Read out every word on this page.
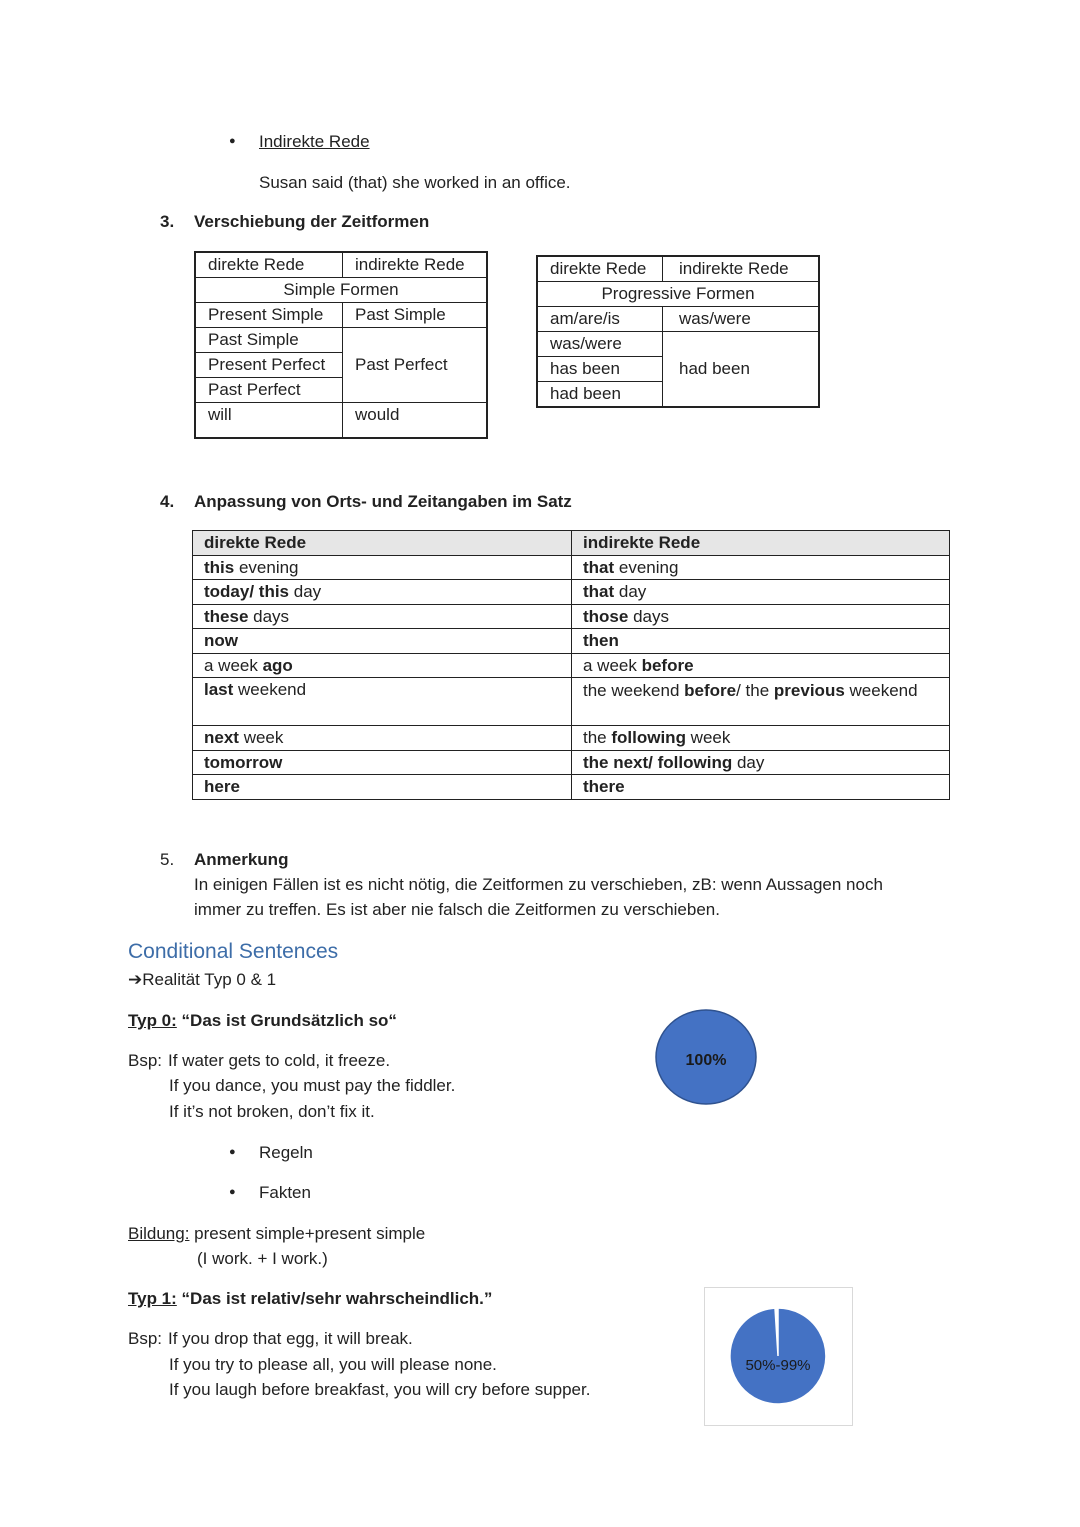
● Indirekte Rede
Susan said (that) she worked in an office.
3. Verschiebung der Zeitformen
direkte Rede	indirekte Rede
Simple Formen	
Present Simple	Past Simple
Past Simple	Past Perfect
Present Perfect	
Past Perfect	
will	would
direkte Rede	indirekte Rede
Progressive Formen	
am/are/is	was/were
was/were	had been
has been	
had been	
4. Anpassung von Orts- und Zeitangaben im Satz
direkte Rede	indirekte Rede
this evening	that evening
today/ this day	that day
these days	those days
now	then
a week ago	a week before
last weekend	the weekend before/ the previous weekend
next week	the following week
tomorrow	the next/ following day
here	there
5. Anmerkung
In einigen Fällen ist es nicht nötig, die Zeitformen zu verschieben, zB: wenn Aussagen noch
immer zu treffen. Es ist aber nie falsch die Zeitformen zu verschieben.
Conditional Sentences
➔Realität Typ 0 & 1
Typ 0: “Das ist Grundsätzlich so“
Bsp: If water gets to cold, it freeze.
If you dance, you must pay the fiddler.
If it’s not broken, don’t fix it.
● Regeln
● Fakten
Bildung: present simple+present simple
(I work. + I work.)
100%
Typ 1: “Das ist relativ/sehr wahrscheindlich.”
Bsp: If you drop that egg, it will break.
If you try to please all, you will please none.
If you laugh before breakfast, you will cry before supper.
50%-99%
